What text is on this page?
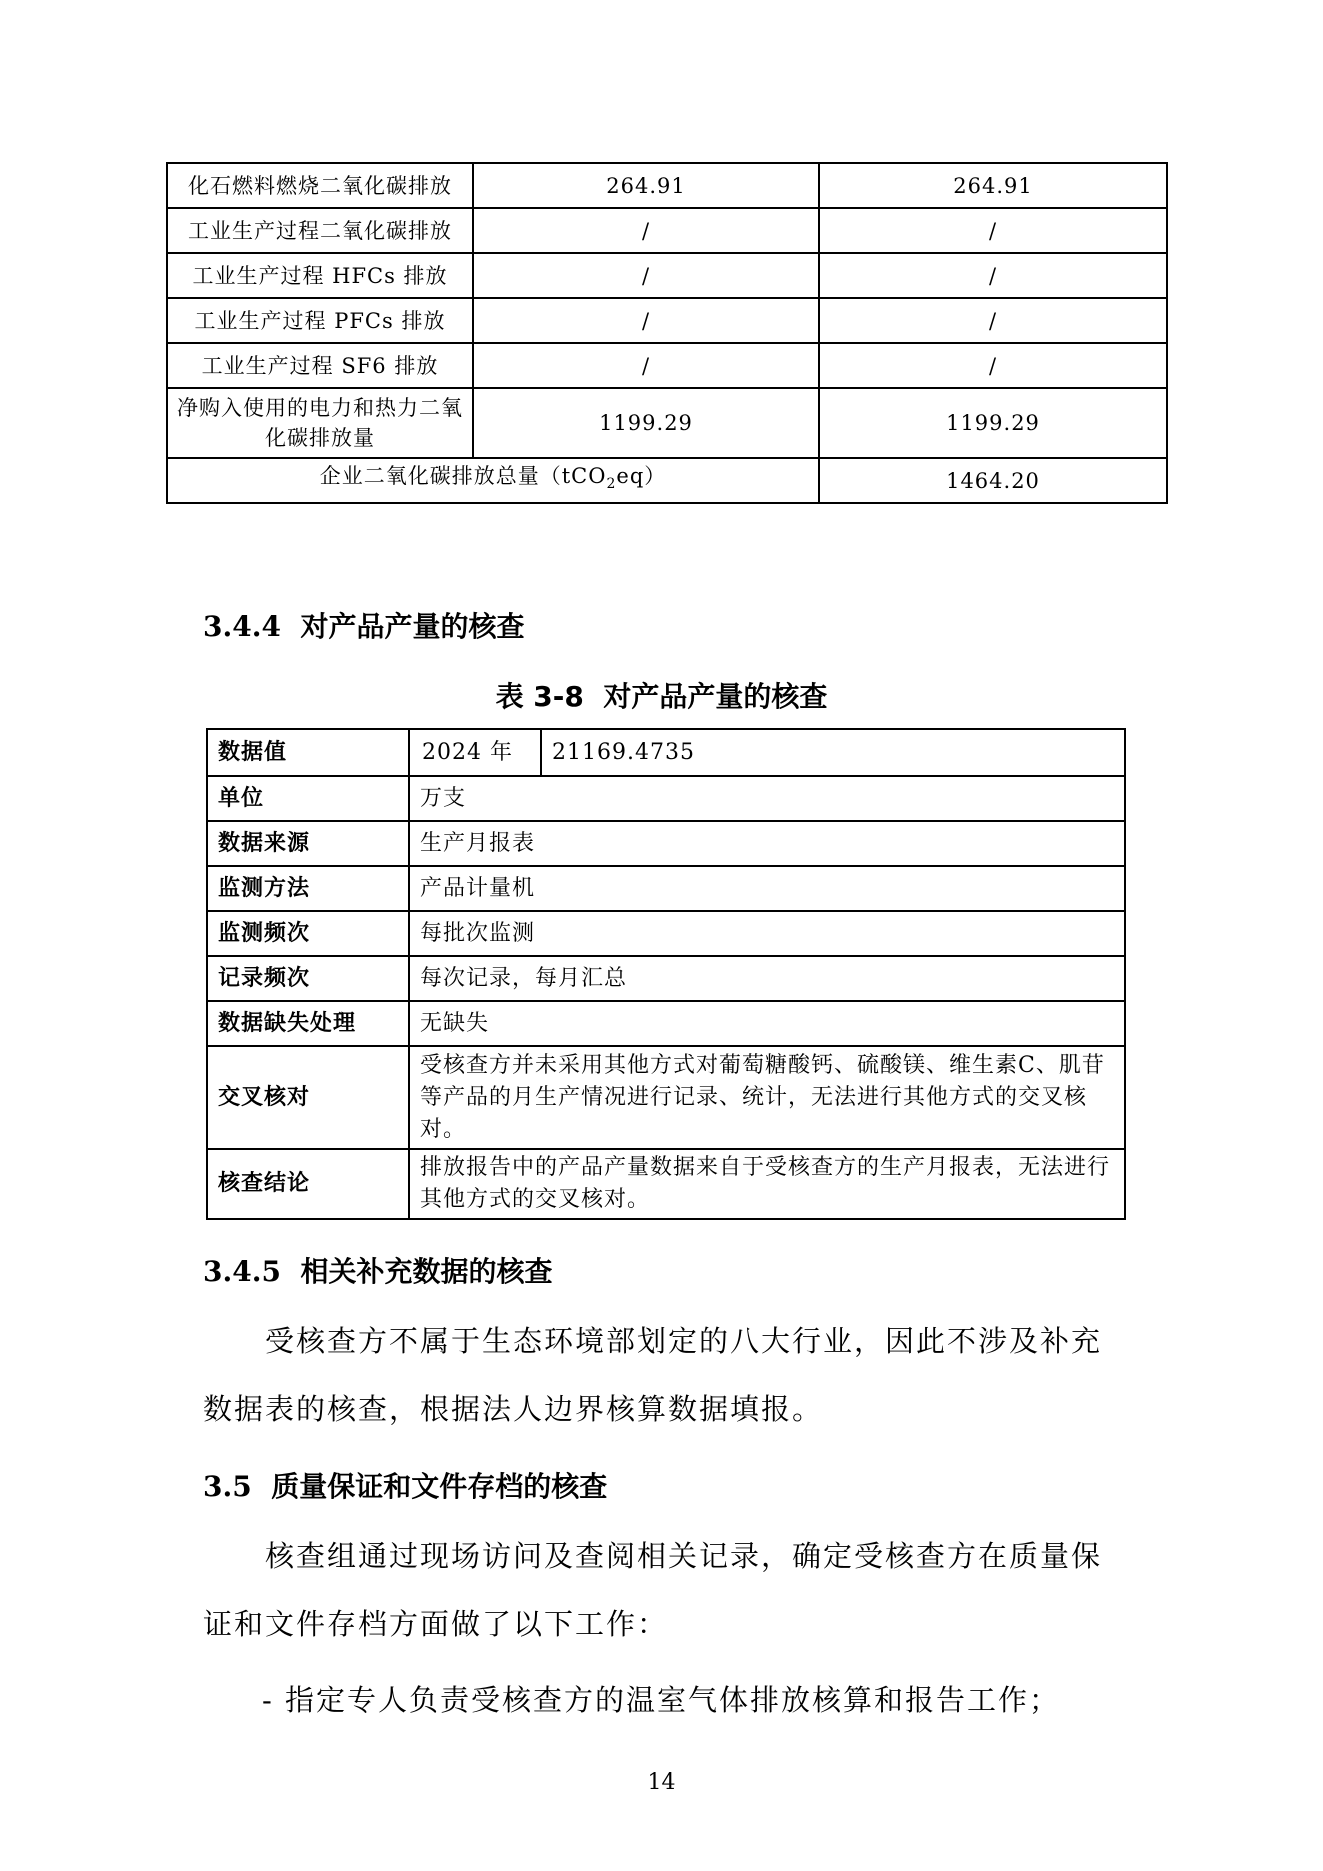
化石燃料燃烧二氧化碳排放	264.91	264.91
工业生产过程二氧化碳排放	/	/
工业生产过程 HFCs 排放	/	/
工业生产过程 PFCs 排放	/	/
工业生产过程 SF6 排放	/	/
净购入使用的电力和热力二氧化碳排放量	1199.29	1199.29
企业二氧化碳排放总量（tCO$_2$eq）		1464.20
3.4.4 对产品产量的核查
表 3-8 对产品产量的核查
数据值	2024 年 21169.4735

单位	万支
数据来源	生产月报表
监测方法	产品计量机
监测频次	每批次监测
记录频次	每次记录，每月汇总
数据缺失处理	无缺失
交叉核对	受核查方并未采用其他方式对葡萄糖酸钙、硫酸镁、维生素C、肌苷等产品的月生产情况进行记录、统计，无法进行其他方式的交叉核对。
核查结论	排放报告中的产品产量数据来自于受核查方的生产月报表，无法进行其他方式的交叉核对。
3.4.5 相关补充数据的核查

受核查方不属于生态环境部划定的八大行业，因此不涉及补充数据表的核查，根据法人边界核算数据填报。

3.5 质量保证和文件存档的核查

核查组通过现场访问及查阅相关记录，确定受核查方在质量保证和文件存档方面做了以下工作：

- 指定专人负责受核查方的温室气体排放核算和报告工作；

14
